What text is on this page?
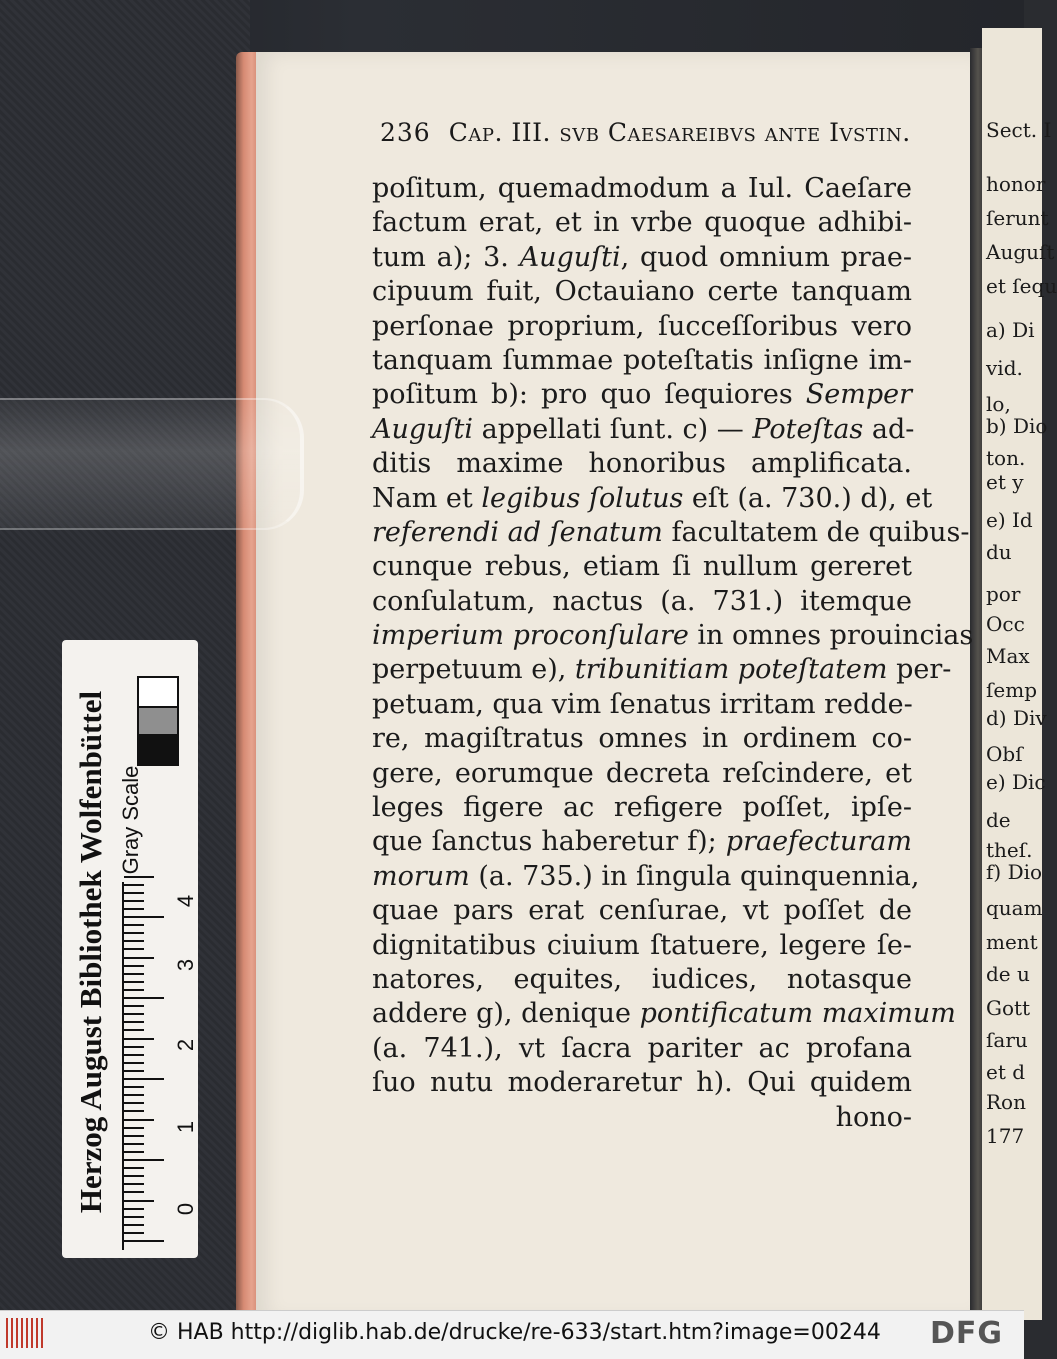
236 Cap. III. svb Caesareibvs ante Ivstin.
poſitum, quemadmodum a Iul. Caeſare
factum erat, et in vrbe quoque adhibi-
tum a); 3. Auguſti, quod omnium prae-
cipuum fuit, Octauiano certe tanquam
perſonae proprium, ſucceſſoribus vero
tanquam ſummae poteſtatis inſigne im-
poſitum b): pro quo ſequiores Semper
Auguſti appellati ſunt. c) — Poteſtas ad-
ditis maxime honoribus amplificata.
Nam et legibus ſolutus eſt (a. 730.) d), et
referendi ad ſenatum facultatem de quibus-
cunque rebus, etiam ſi nullum gereret
conſulatum, nactus (a. 731.) itemque
imperium proconſulare in omnes prouincias
perpetuum e), tribunitiam poteſtatem per-
petuam, qua vim ſenatus irritam redde-
re, magiſtratus omnes in ordinem co-
gere, eorumque decreta reſcindere, et
leges figere ac refigere poſſet, ipſe-
que ſanctus haberetur f); praefecturam
morum (a. 735.) in ſingula quinquennia,
quae pars erat cenſurae, vt poſſet de
dignitatibus ciuium ſtatuere, legere ſe-
natores, equites, iudices, notasque
addere g), denique pontificatum maximum
(a. 741.), vt ſacra pariter ac profana
ſuo nutu moderaretur h). Qui quidem
hono-
Sect. I
honor
ſerunt
Auguſt
et ſequ
a) Di
vid.
lo,
b) Dio
ton.
et y
e) Id
du
por
Occ
Max
ſemp
d) Div
Obſ
e) Dic
de
theſ.
f) Dio
quam
ment
de u
Gott
ſaru
et d
Ron
177
Herzog August Bibliothek Wolfenbüttel Gray Scale
0
1
2
3
4
© HAB http://diglib.hab.de/drucke/re-633/start.htm?image=00244 DFG
